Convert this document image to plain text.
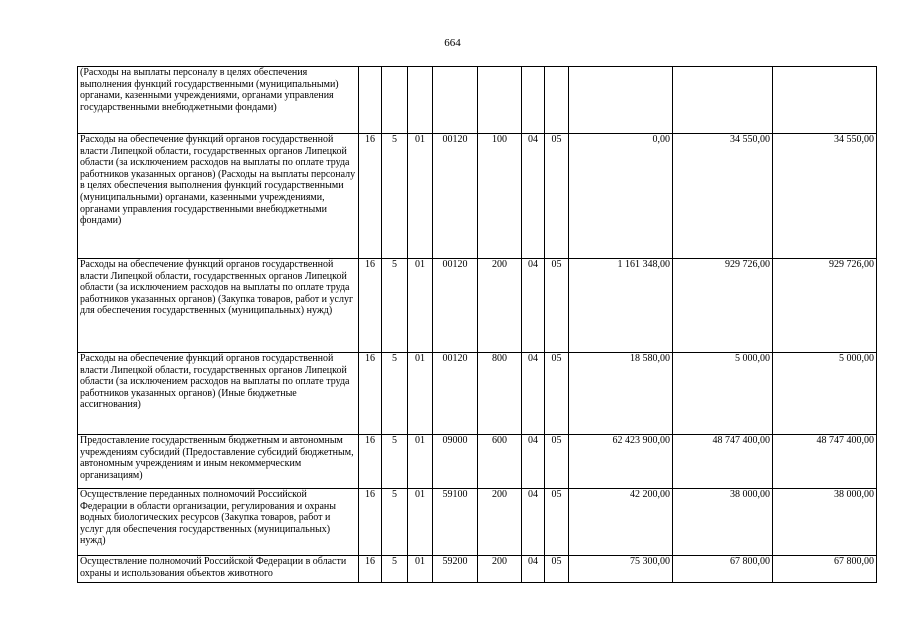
664
(Расходы на выплаты персоналу в целях обеспечения выполнения функций государственными (муниципальными) органами, казенными учреждениями, органами управления государственными внебюджетными фондами)										
Расходы на обеспечение функций органов государственной власти Липецкой области, государственных органов Липецкой области (за исключением расходов на выплаты по оплате труда работников указанных органов) (Расходы на выплаты персоналу в целях обеспечения выполнения функций государственными (муниципальными) органами, казенными учреждениями, органами управления государственными внебюджетными фондами)	16	5	01	00120	100	04	05	0,00	34 550,00	34 550,00
Расходы на обеспечение функций органов государственной власти Липецкой области, государственных органов Липецкой области (за исключением расходов на выплаты по оплате труда работников указанных органов) (Закупка товаров, работ и услуг для обеспечения государственных (муниципальных) нужд)	16	5	01	00120	200	04	05	1 161 348,00	929 726,00	929 726,00
Расходы на обеспечение функций органов государственной власти Липецкой области, государственных органов Липецкой области (за исключением расходов на выплаты по оплате труда работников указанных органов) (Иные бюджетные ассигнования)	16	5	01	00120	800	04	05	18 580,00	5 000,00	5 000,00
Предоставление государственным бюджетным и автономным учреждениям субсидий (Предоставление субсидий бюджетным, автономным учреждениям и иным некоммерческим организациям)	16	5	01	09000	600	04	05	62 423 900,00	48 747 400,00	48 747 400,00
Осуществление переданных полномочий Российской Федерации в области организации, регулирования и охраны водных биологических ресурсов (Закупка товаров, работ и услуг для обеспечения государственных (муниципальных) нужд)	16	5	01	59100	200	04	05	42 200,00	38 000,00	38 000,00
Осуществление полномочий Российской Федерации в области охраны и использования объектов животного	16	5	01	59200	200	04	05	75 300,00	67 800,00	67 800,00
